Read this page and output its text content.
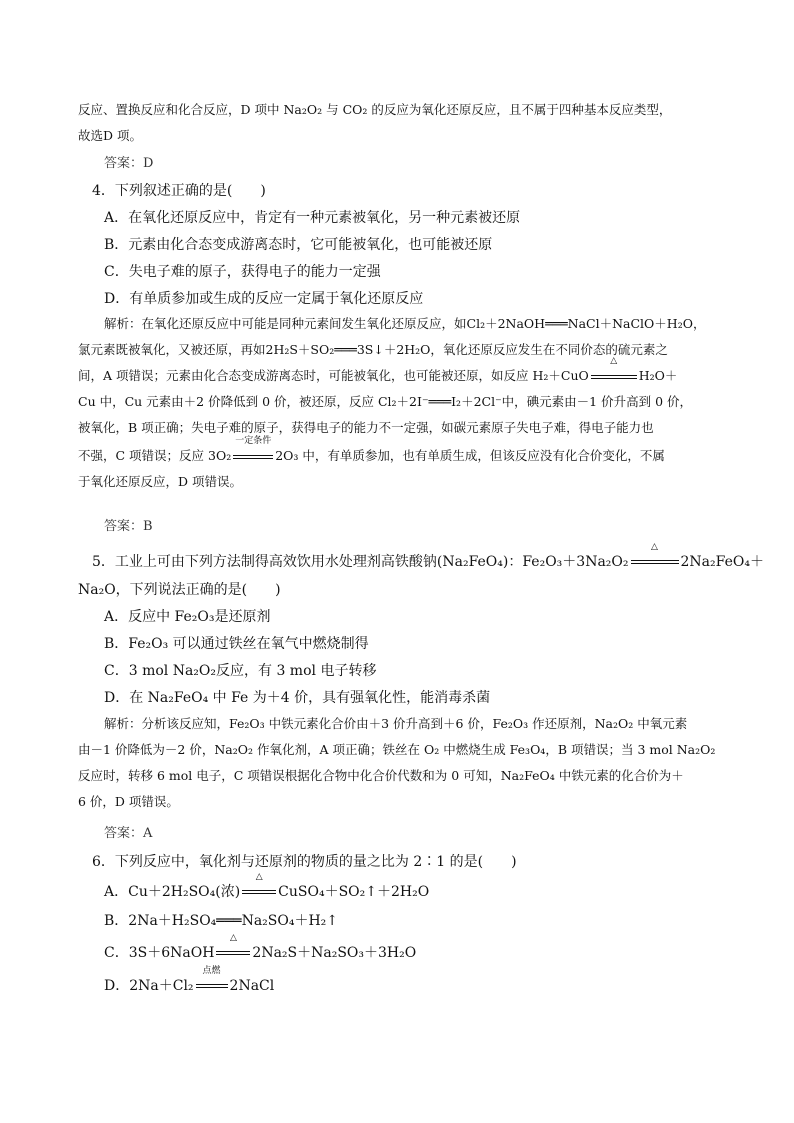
反应、置换反应和化合反应，D 项中 Na₂O₂ 与 CO₂ 的反应为氧化还原反应，且不属于四种基本反应类型，
故选D 项。
答案：D
4．下列叙述正确的是(　　)
A．在氧化还原反应中，肯定有一种元素被氧化，另一种元素被还原
B．元素由化合态变成游离态时，它可能被氧化，也可能被还原
C．失电子难的原子，获得电子的能力一定强
D．有单质参加或生成的反应一定属于氧化还原反应
解析：在氧化还原反应中可能是同种元素间发生氧化还原反应，如Cl₂＋2NaOH═══NaCl＋NaClO＋H₂O，
氯元素既被氧化，又被还原，再如2H₂S＋SO₂═══3S↓＋2H₂O，氧化还原反应发生在不同价态的硫元素之
间，A 项错误；元素由化合态变成游离态时，可能被氧化，也可能被还原，如反应 H₂＋CuO
△
H₂O＋
Cu 中，Cu 元素由＋2 价降低到 0 价，被还原，反应 Cl₂＋2I⁻═══I₂＋2Cl⁻中，碘元素由－1 价升高到 0 价，
被氧化，B 项正确；失电子难的原子，获得电子的能力不一定强，如碳元素原子失电子难，得电子能力也
不强，C 项错误；反应 3O₂
一定条件
2O₃ 中，有单质参加，也有单质生成，但该反应没有化合价变化，不属
于氧化还原反应，D 项错误。
答案：B
5．工业上可由下列方法制得高效饮用水处理剂高铁酸钠(Na₂FeO₄)：Fe₂O₃＋3Na₂O₂
△
2Na₂FeO₄＋
Na₂O，下列说法正确的是(　　)
A．反应中 Fe₂O₃是还原剂
B．Fe₂O₃ 可以通过铁丝在氧气中燃烧制得
C．3 mol Na₂O₂反应，有 3 mol 电子转移
D．在 Na₂FeO₄ 中 Fe 为＋4 价，具有强氧化性，能消毒杀菌
解析：分析该反应知，Fe₂O₃ 中铁元素化合价由＋3 价升高到＋6 价，Fe₂O₃ 作还原剂，Na₂O₂ 中氧元素
由－1 价降低为－2 价，Na₂O₂ 作氧化剂，A 项正确；铁丝在 O₂ 中燃烧生成 Fe₃O₄，B 项错误；当 3 mol Na₂O₂
反应时，转移 6 mol 电子，C 项错误根据化合物中化合价代数和为 0 可知，Na₂FeO₄ 中铁元素的化合价为＋
6 价，D 项错误。
答案：A
6．下列反应中，氧化剂与还原剂的物质的量之比为 2∶1 的是(　　)
A．Cu＋2H₂SO₄(浓)
△
CuSO₄＋SO₂↑＋2H₂O
B．2Na＋H₂SO₄═══Na₂SO₄＋H₂↑
C．3S＋6NaOH
△
2Na₂S＋Na₂SO₃＋3H₂O
D．2Na＋Cl₂
点燃
2NaCl
